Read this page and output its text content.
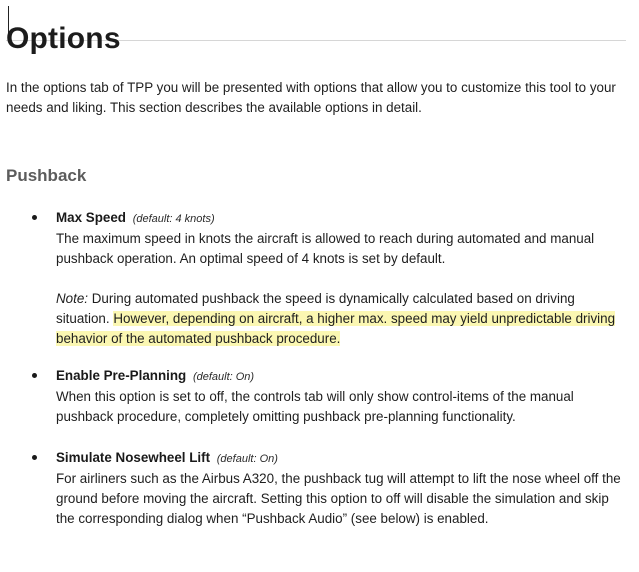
Options

In the options tab of TPP you will be presented with options that allow you to customize this tool to your needs and liking. This section describes the available options in detail.

Pushback
Max Speed (default: 4 knots)

The maximum speed in knots the aircraft is allowed to reach during automated and manual pushback operation. An optimal speed of 4 knots is set by default.

Note: During automated pushback the speed is dynamically calculated based on driving situation. However, depending on aircraft, a higher max. speed may yield unpredictable driving behavior of the automated pushback procedure.

Enable Pre-Planning (default: On)

When this option is set to off, the controls tab will only show control-items of the manual pushback procedure, completely omitting pushback pre-planning functionality.

Simulate Nosewheel Lift (default: On)

For airliners such as the Airbus A320, the pushback tug will attempt to lift the nose wheel off the ground before moving the aircraft. Setting this option to off will disable the simulation and skip the corresponding dialog when “Pushback Audio” (see below) is enabled.
